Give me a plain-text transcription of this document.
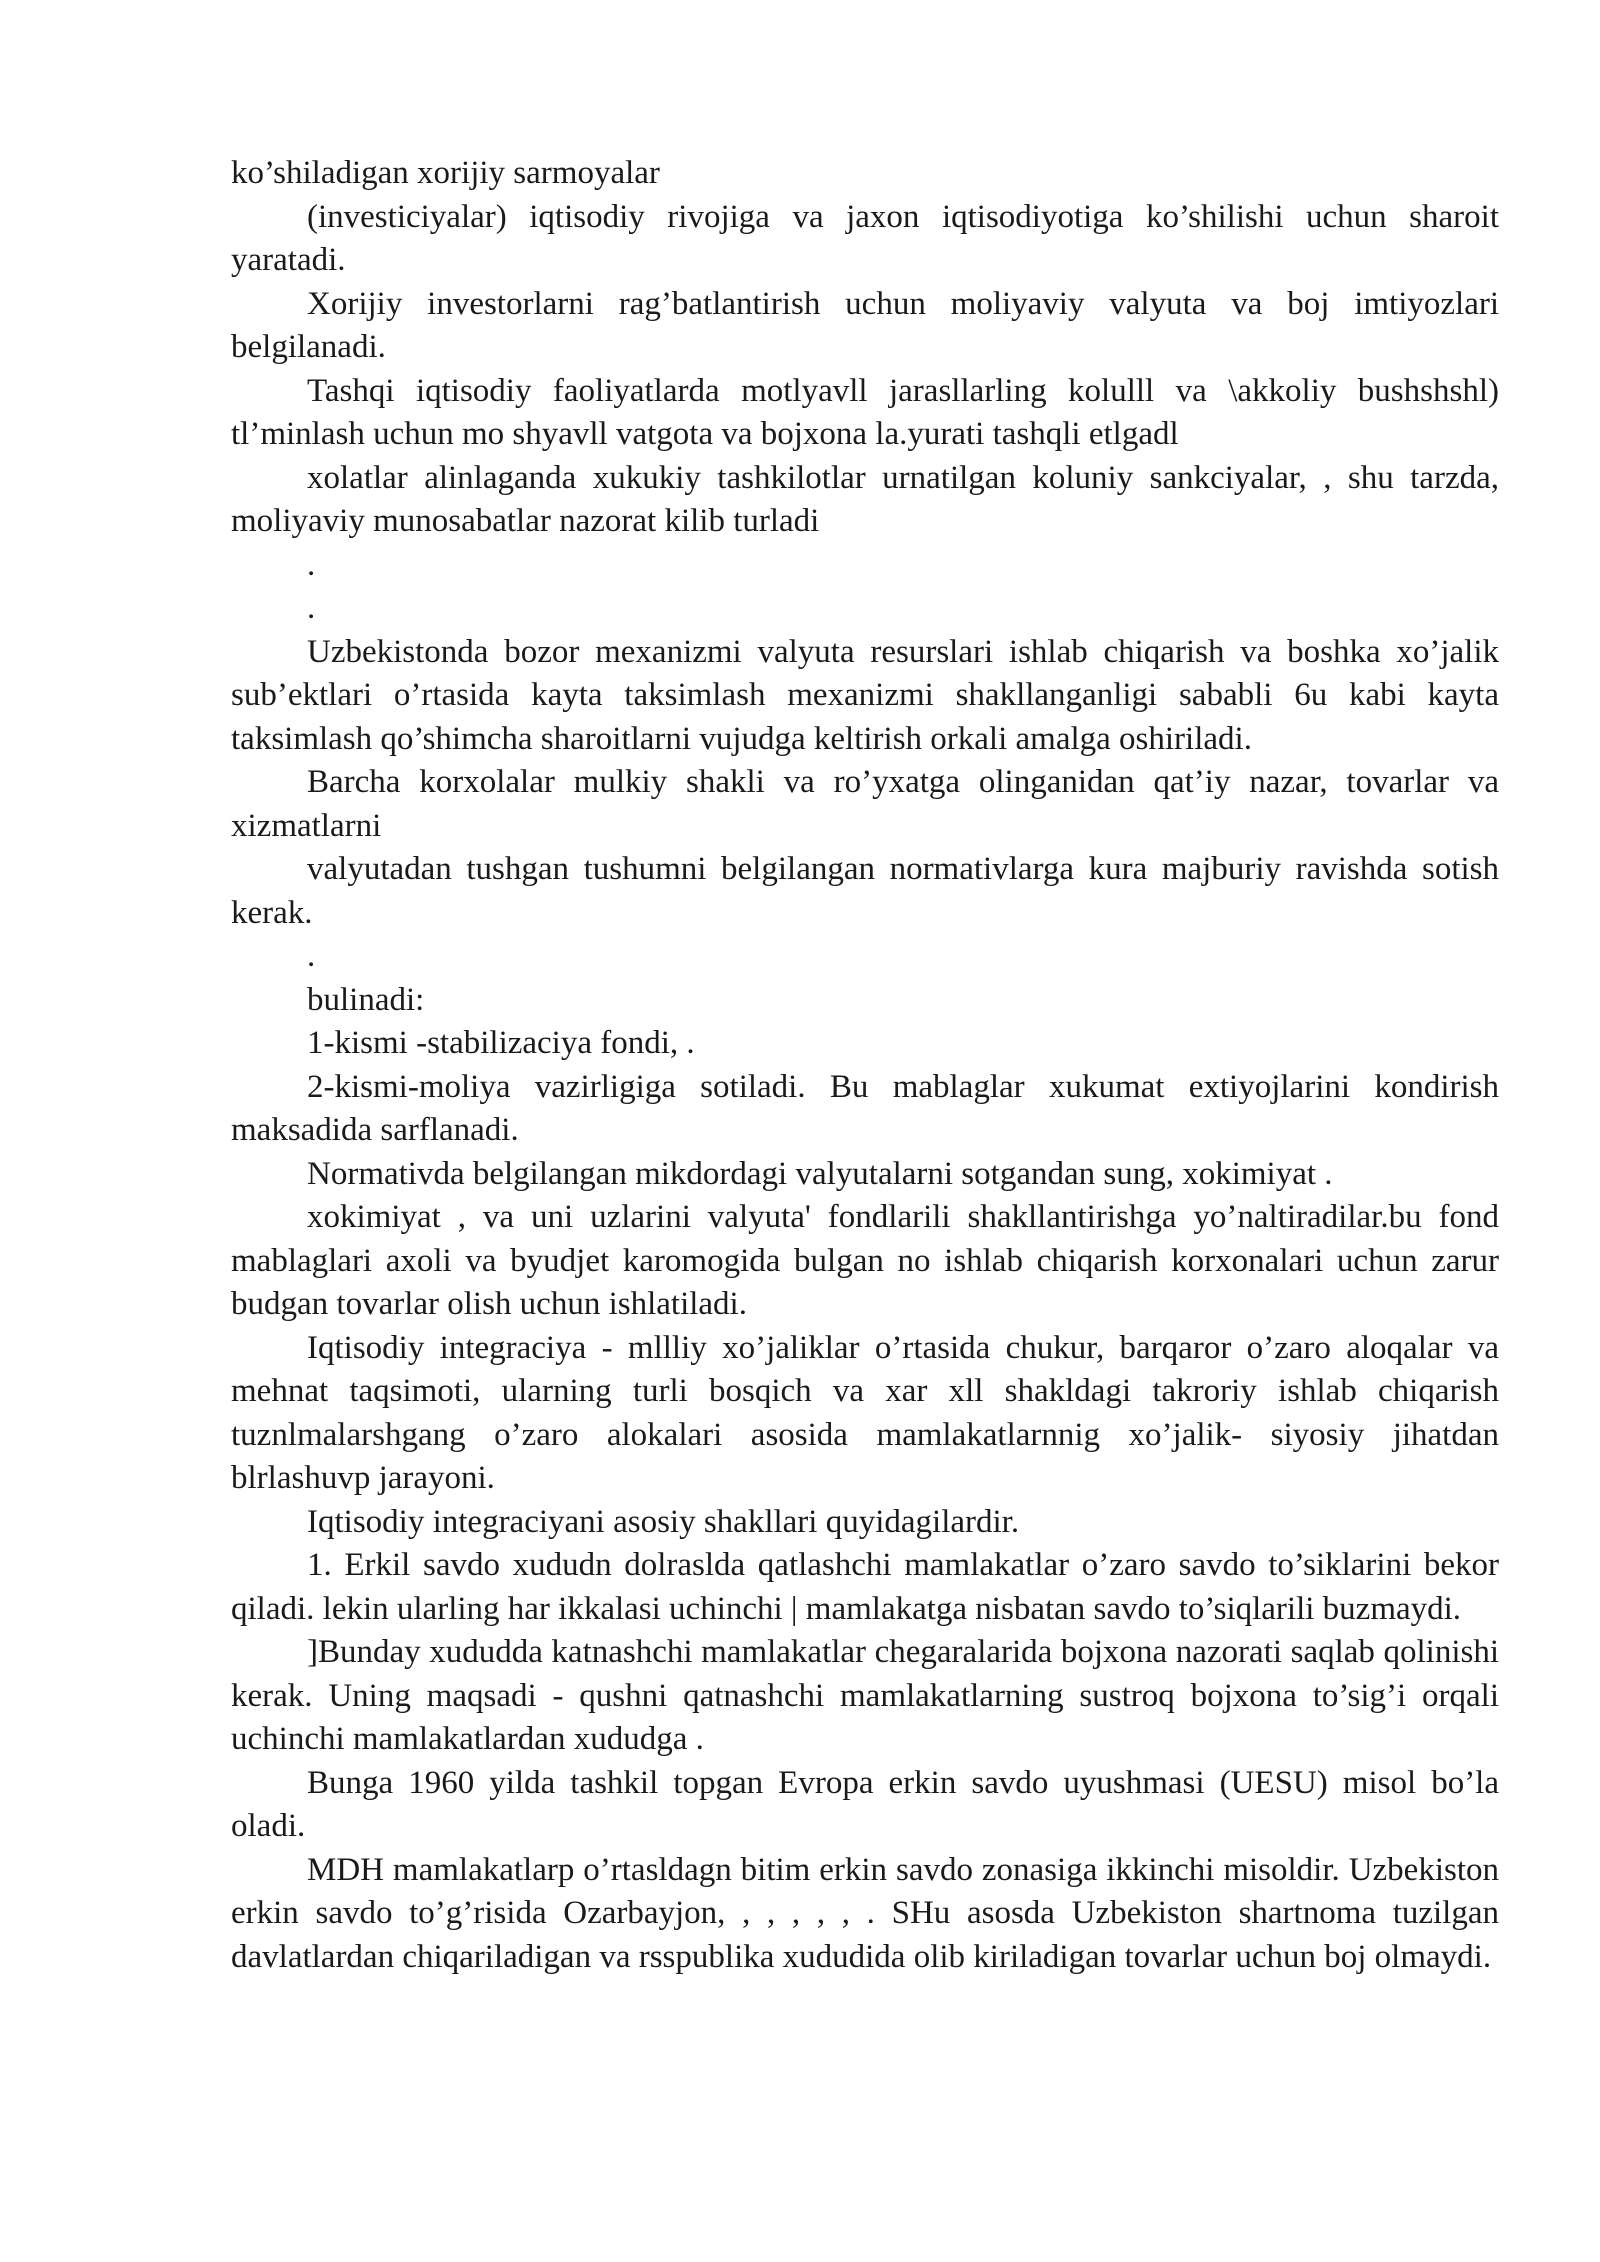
ko’shiladigan xorijiy sarmoyalar

(investiciyalar) iqtisodiy rivojiga va jaxon iqtisodiyotiga ko’shilishi uchun sharoit yaratadi.

Xorijiy investorlarni rag’batlantirish uchun moliyaviy valyuta va boj imtiyozlari belgilanadi.

Tashqi iqtisodiy faoliyatlarda motlyavll jarasllarling kolulll va \akkoliy bushshshl) tl’minlash uchun mo shyavll vatgota va bojxona la.yurati tashqli etlgadl

xolatlar alinlaganda xukukiy tashkilotlar urnatilgan koluniy sankciyalar, , shu tarzda, moliyaviy munosabatlar nazorat kilib turladi

.

.

Uzbekistonda bozor mexanizmi valyuta resurslari ishlab chiqarish va boshka xo’jalik sub’ektlari o’rtasida kayta taksimlash mexanizmi shakllanganligi sababli 6u kabi kayta taksimlash qo’shimcha sharoitlarni vujudga keltirish orkali amalga oshiriladi.

Barcha korxolalar mulkiy shakli va ro’yxatga olinganidan qat’iy nazar, tovarlar va xizmatlarni

valyutadan tushgan tushumni belgilangan normativlarga kura majburiy ravishda sotish kerak.

.

bulinadi:

1-kismi -stabilizaciya fondi, .

2-kismi-moliya vazirligiga sotiladi. Bu mablaglar xukumat extiyojlarini kondirish maksadida sarflanadi.

Normativda belgilangan mikdordagi valyutalarni sotgandan sung, xokimiyat .

xokimiyat , va uni uzlarini valyuta' fondlarili shakllantirishga yo’naltiradilar.bu fond mablaglari axoli va byudjet karomogida bulgan no ishlab chiqarish korxonalari uchun zarur budgan tovarlar olish uchun ishlatiladi.

Iqtisodiy integraciya - mllliy xo’jaliklar o’rtasida chukur, barqaror o’zaro aloqalar va mehnat taqsimoti, ularning turli bosqich va xar xll shakldagi takroriy ishlab chiqarish tuznlmalarshgang o’zaro alokalari asosida mamlakatlarnnig xo’jalik- siyosiy jihatdan blrlashuvp jarayoni.

Iqtisodiy integraciyani asosiy shakllari quyidagilardir.

1. Erkil savdo xududn dolraslda qatlashchi mamlakatlar o’zaro savdo to’siklarini bekor qiladi. lekin ularling har ikkalasi uchinchi | mamlakatga nisbatan savdo to’siqlarili buzmaydi.

]Bunday xududda katnashchi mamlakatlar chegaralarida bojxona nazorati saqlab qolinishi kerak. Uning maqsadi - qushni qatnashchi mamlakatlarning sustroq bojxona to’sig’i orqali uchinchi mamlakatlardan xududga .

Bunga 1960 yilda tashkil topgan Evropa erkin savdo uyushmasi (UESU) misol bo’la oladi.

MDH mamlakatlarp o’rtasldagn bitim erkin savdo zonasiga ikkinchi misoldir. Uzbekiston erkin savdo to’g’risida Ozarbayjon, , , , , , . SHu asosda Uzbekiston shartnoma tuzilgan davlatlardan chiqariladigan va rsspublika xududida olib kiriladigan tovarlar uchun boj olmaydi.
